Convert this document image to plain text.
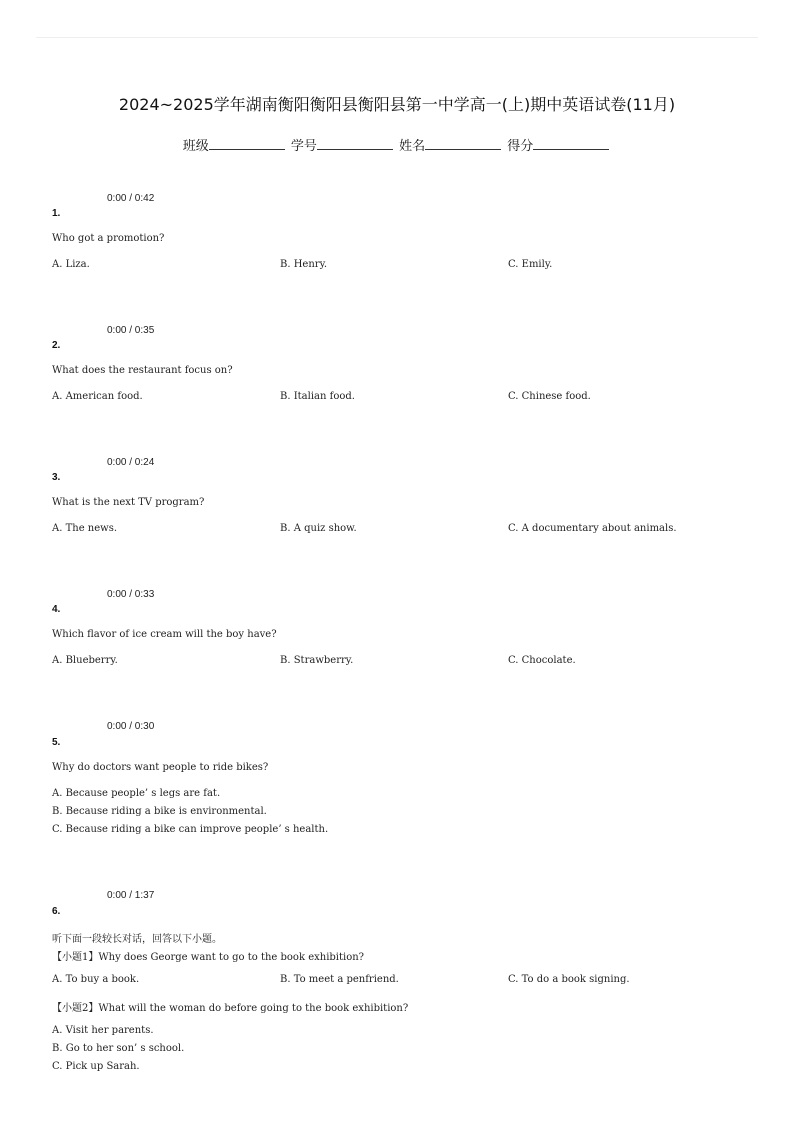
2024~2025学年湖南衡阳衡阳县衡阳县第一中学高一(上)期中英语试卷(11月)
班级	学号	姓名	得分
0:00 / 0:42
1.
Who got a promotion?
A. Liza.	B. Henry.	C. Emily.
0:00 / 0:35
2.
What does the restaurant focus on?
A. American food.	B. Italian food.	C. Chinese food.
0:00 / 0:24
3.
What is the next TV program?
A. The news.	B. A quiz show.	C. A documentary about animals.
0:00 / 0:33
4.
Which flavor of ice cream will the boy have?
A. Blueberry.	B. Strawberry.	C. Chocolate.
0:00 / 0:30
5.
Why do doctors want people to ride bikes?
A. Because people’ s legs are fat.
B. Because riding a bike is environmental.
C. Because riding a bike can improve people’ s health.
0:00 / 1:37
6.
听下面一段较长对话，回答以下小题。
【小题1】Why does George want to go to the book exhibition?
A. To buy a book.	B. To meet a penfriend.	C. To do a book signing.
【小题2】What will the woman do before going to the book exhibition?
A. Visit her parents.
B. Go to her son’ s school.
C. Pick up Sarah.
